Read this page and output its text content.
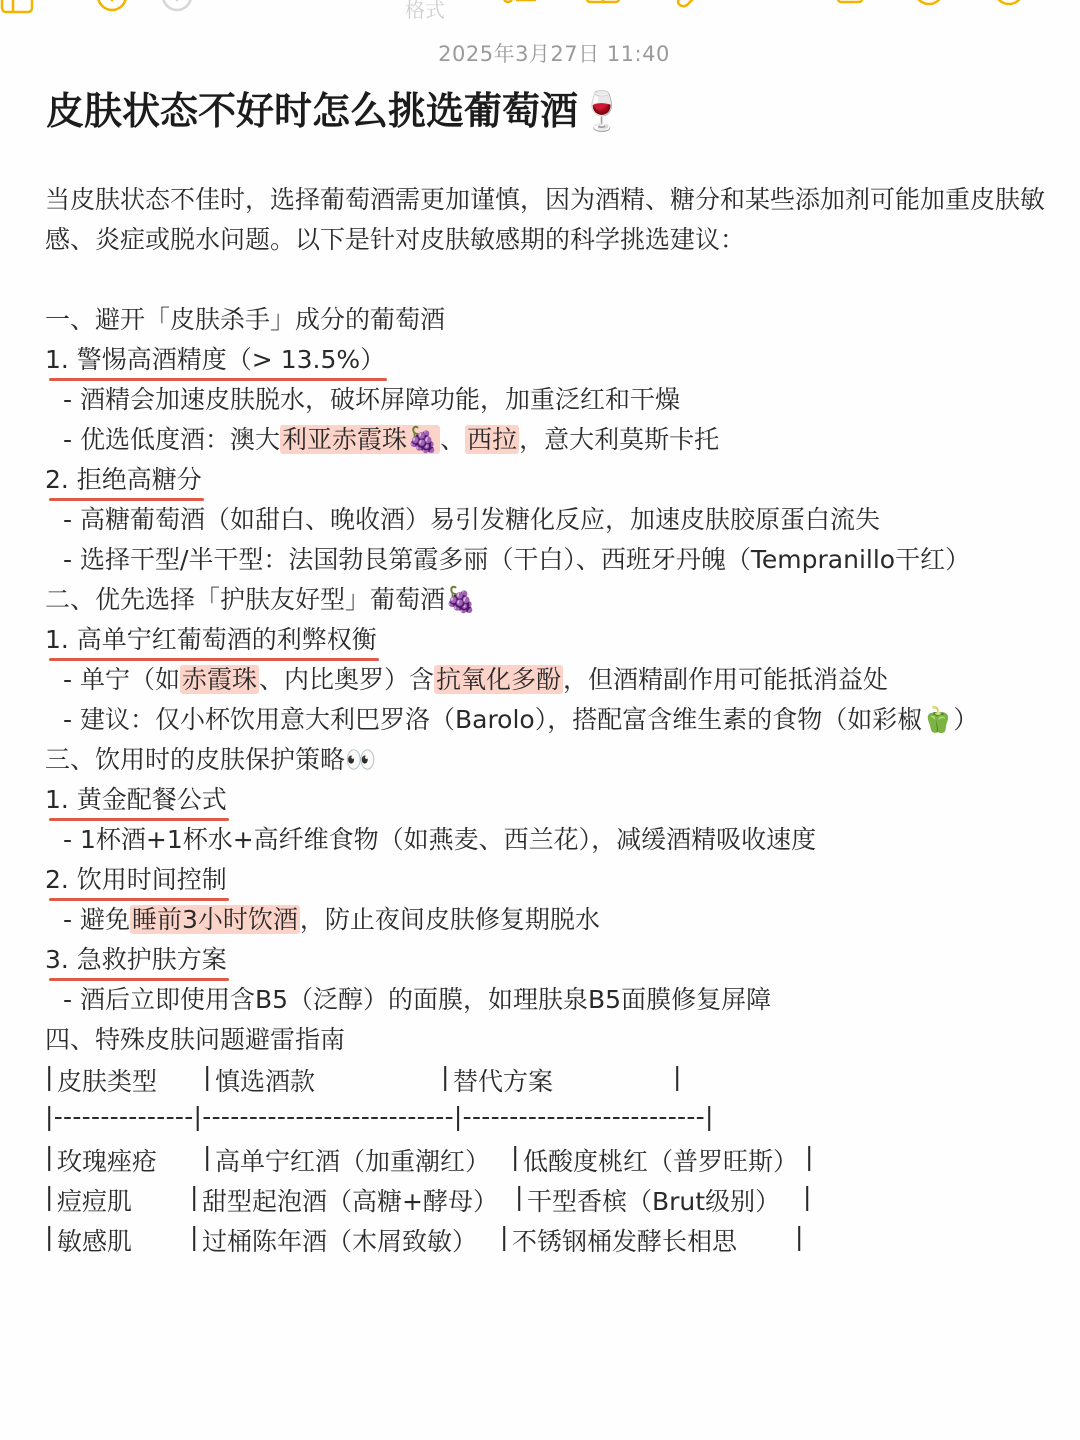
格式
2025年3月27日 11:40
皮肤状态不好时怎么挑选葡萄酒🍷
当皮肤状态不佳时，选择葡萄酒需更加谨慎，因为酒精、糖分和某些添加剂可能加重皮肤敏感、炎症或脱水问题。以下是针对皮肤敏感期的科学挑选建议：
一、避开「皮肤杀手」成分的葡萄酒
1. 警惕高酒精度（> 13.5%）
- 酒精会加速皮肤脱水，破坏屏障功能，加重泛红和干燥
- 优选低度酒：澳大利亚赤霞珠🍇、西拉，意大利莫斯卡托
2. 拒绝高糖分
- 高糖葡萄酒（如甜白、晚收酒）易引发糖化反应，加速皮肤胶原蛋白流失
- 选择干型/半干型：法国勃艮第霞多丽（干白）、西班牙丹魄（Tempranillo干红）
二、优先选择「护肤友好型」葡萄酒🍇
1. 高单宁红葡萄酒的利弊权衡
- 单宁（如赤霞珠、内比奥罗）含抗氧化多酚，但酒精副作用可能抵消益处
- 建议：仅小杯饮用意大利巴罗洛（Barolo），搭配富含维生素的食物（如彩椒🫑）
三、饮用时的皮肤保护策略👀
1. 黄金配餐公式
- 1杯酒+1杯水+高纤维食物（如燕麦、西兰花），减缓酒精吸收速度
2. 饮用时间控制
- 避免睡前3小时饮酒，防止夜间皮肤修复期脱水
3. 急救护肤方案
- 酒后立即使用含B5（泛醇）的面膜，如理肤泉B5面膜修复屏障
四、特殊皮肤问题避雷指南
| 皮肤类型 | 慎选酒款	| 替代方案	|
|---------------|---------------------------|--------------------------|
| 玫瑰痤疮 | 高单宁红酒（加重潮红） | 低酸度桃红（普罗旺斯） |
| 痘痘肌 | 甜型起泡酒（高糖+酵母） | 干型香槟（Brut级别） |
| 敏感肌 | 过桶陈年酒（木屑致敏） | 不锈钢桶发酵长相思 |
